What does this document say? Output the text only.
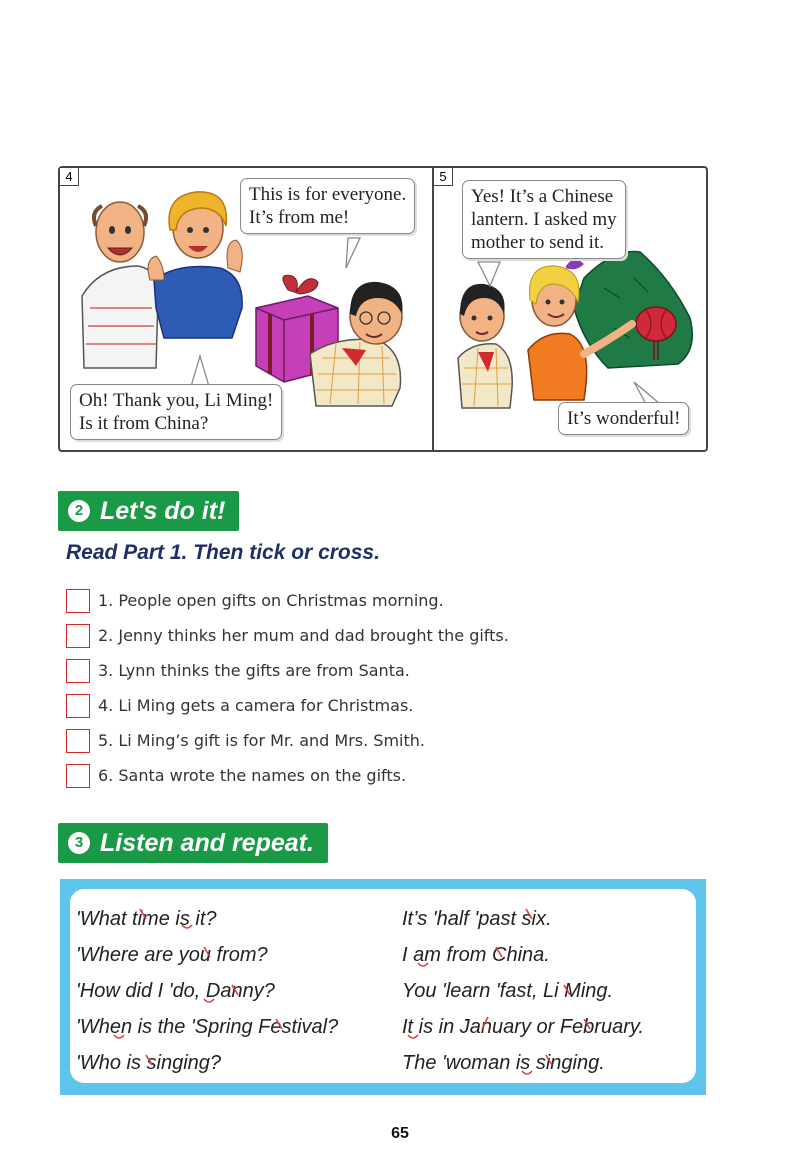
4
This is for everyone.
It’s from me!
Oh! Thank you, Li Ming!
Is it from China?
5
Yes! It’s a Chinese
lantern. I asked my
mother to send it.
It’s wonderful!
2 Let's do it!
Read Part 1. Then tick or cross.
1. People open gifts on Christmas morning.
2. Jenny thinks her mum and dad brought the gifts.
3. Lynn thinks the gifts are from Santa.
4. Li Ming gets a camera for Christmas.
5. Li Ming’s gift is for Mr. and Mrs. Smith.
6. Santa wrote the names on the gifts.
3 Listen and repeat.
'What time is it?
'Where are you from?
'How did I 'do, Danny?
'When is the 'Spring Festival?
'Who is singing?
It’s 'half 'past six.
I am from China.
You 'learn 'fast, Li Ming.
It is in January or February.
The 'woman is singing.
65
